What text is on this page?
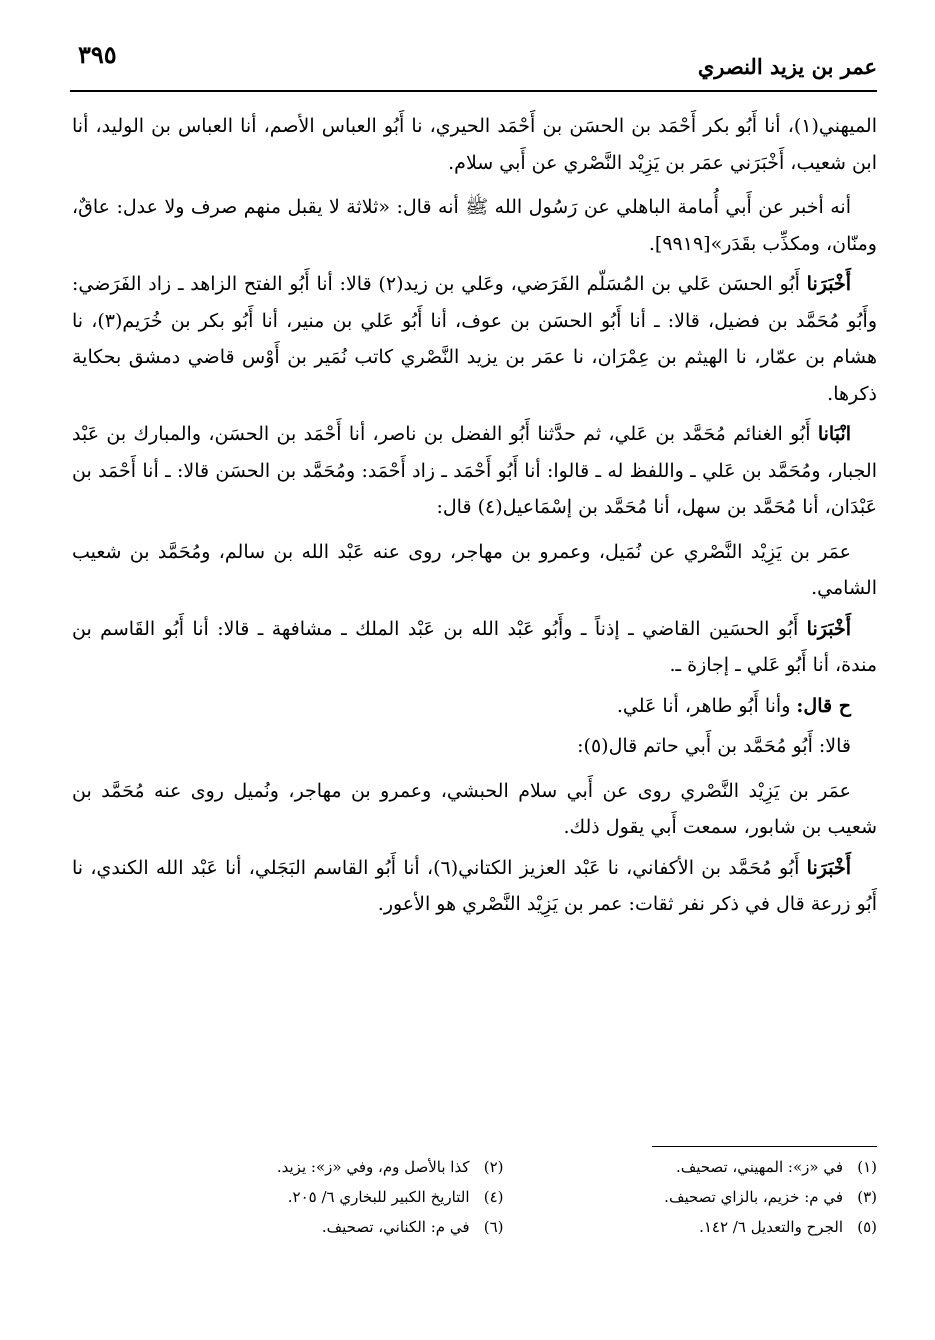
٣٩٥	عمر بن يزيد النصري

الميهني(١)، أنا أَبُو بكر أَحْمَد بن الحسَن بن أَحْمَد الحيري، نا أَبُو العباس الأصم، أنا العباس بن الوليد، أنا ابن شعيب، أَخْبَرَني عمَر بن يَزِيْد النَّصْري عن أَبي سلام.

أنه أخبر عن أَبي أُمامة الباهلي عن رَسُول الله ﷺ أنه قال: «ثلاثة لا يقبل منهم صرف ولا عدل: عاقٌ، ومنّان، ومكذِّب بقَدَر»[٩٩١٩].

أَخْبَرَنا أَبُو الحسَن عَلي بن المُسَلّم الفَرَضي، وعَلي بن زيد(٢) قالا: أنا أَبُو الفتح الزاهد ـ زاد الفَرَضي: وأَبُو مُحَمَّد بن فضيل، قالا: ـ أنا أَبُو الحسَن بن عوف، أنا أَبُو عَلي بن منير، أنا أَبُو بكر بن خُرَيم(٣)، نا هشام بن عمّار، نا الهيثم بن عِمْرَان، نا عمَر بن يزيد النَّصْري كاتب نُمَير بن أَوْس قاضي دمشق بحكاية ذكرها.

انْبَانا أَبُو الغنائم مُحَمَّد بن عَلي، ثم حدَّثنا أَبُو الفضل بن ناصر، أنا أَحْمَد بن الحسَن، والمبارك بن عَبْد الجبار، ومُحَمَّد بن عَلي ـ واللفظ له ـ قالوا: أنا أَبُو أَحْمَد ـ زاد أَحْمَد: ومُحَمَّد بن الحسَن قالا: ـ أنا أَحْمَد بن عَبْدَان، أنا مُحَمَّد بن سهل، أنا مُحَمَّد بن إسْمَاعيل(٤) قال:

عمَر بن يَزِيْد النَّصْري عن نُمَيل، وعمرو بن مهاجر، روى عنه عَبْد الله بن سالم، ومُحَمَّد بن شعيب الشامي.

أَخْبَرَنا أَبُو الحسَين القاضي ـ إذناً ـ وأَبُو عَبْد الله بن عَبْد الملك ـ مشافهة ـ قالا: أنا أَبُو القَاسم بن مندة، أنا أَبُو عَلي ـ إجازة ـ.

ح قال: وأنا أَبُو طاهر، أنا عَلي.

قالا: أَبُو مُحَمَّد بن أَبي حاتم قال(٥):

عمَر بن يَزِيْد النَّصْري روى عن أَبي سلام الحبشي، وعمرو بن مهاجر، ونُميل روى عنه مُحَمَّد بن شعيب بن شابور، سمعت أَبي يقول ذلك.

أَخْبَرَنا أَبُو مُحَمَّد بن الأكفاني، نا عَبْد العزيز الكتاني(٦)، أنا أَبُو القاسم البَجَلي، أنا عَبْد الله الكندي، نا أَبُو زرعة قال في ذكر نفر ثقات: عمر بن يَزِيْد النَّصْري هو الأعور.

(١)في «ز»: المهيني، تصحيف.
(٢)كذا بالأصل وم، وفي «ز»: يزيد.
(٣)في م: خزيم، بالزاي تصحيف.
(٤)التاريخ الكبير للبخاري ٦/ ٢٠٥.
(٥)الجرح والتعديل ٦/ ١٤٢.
(٦)في م: الكناني، تصحيف.
